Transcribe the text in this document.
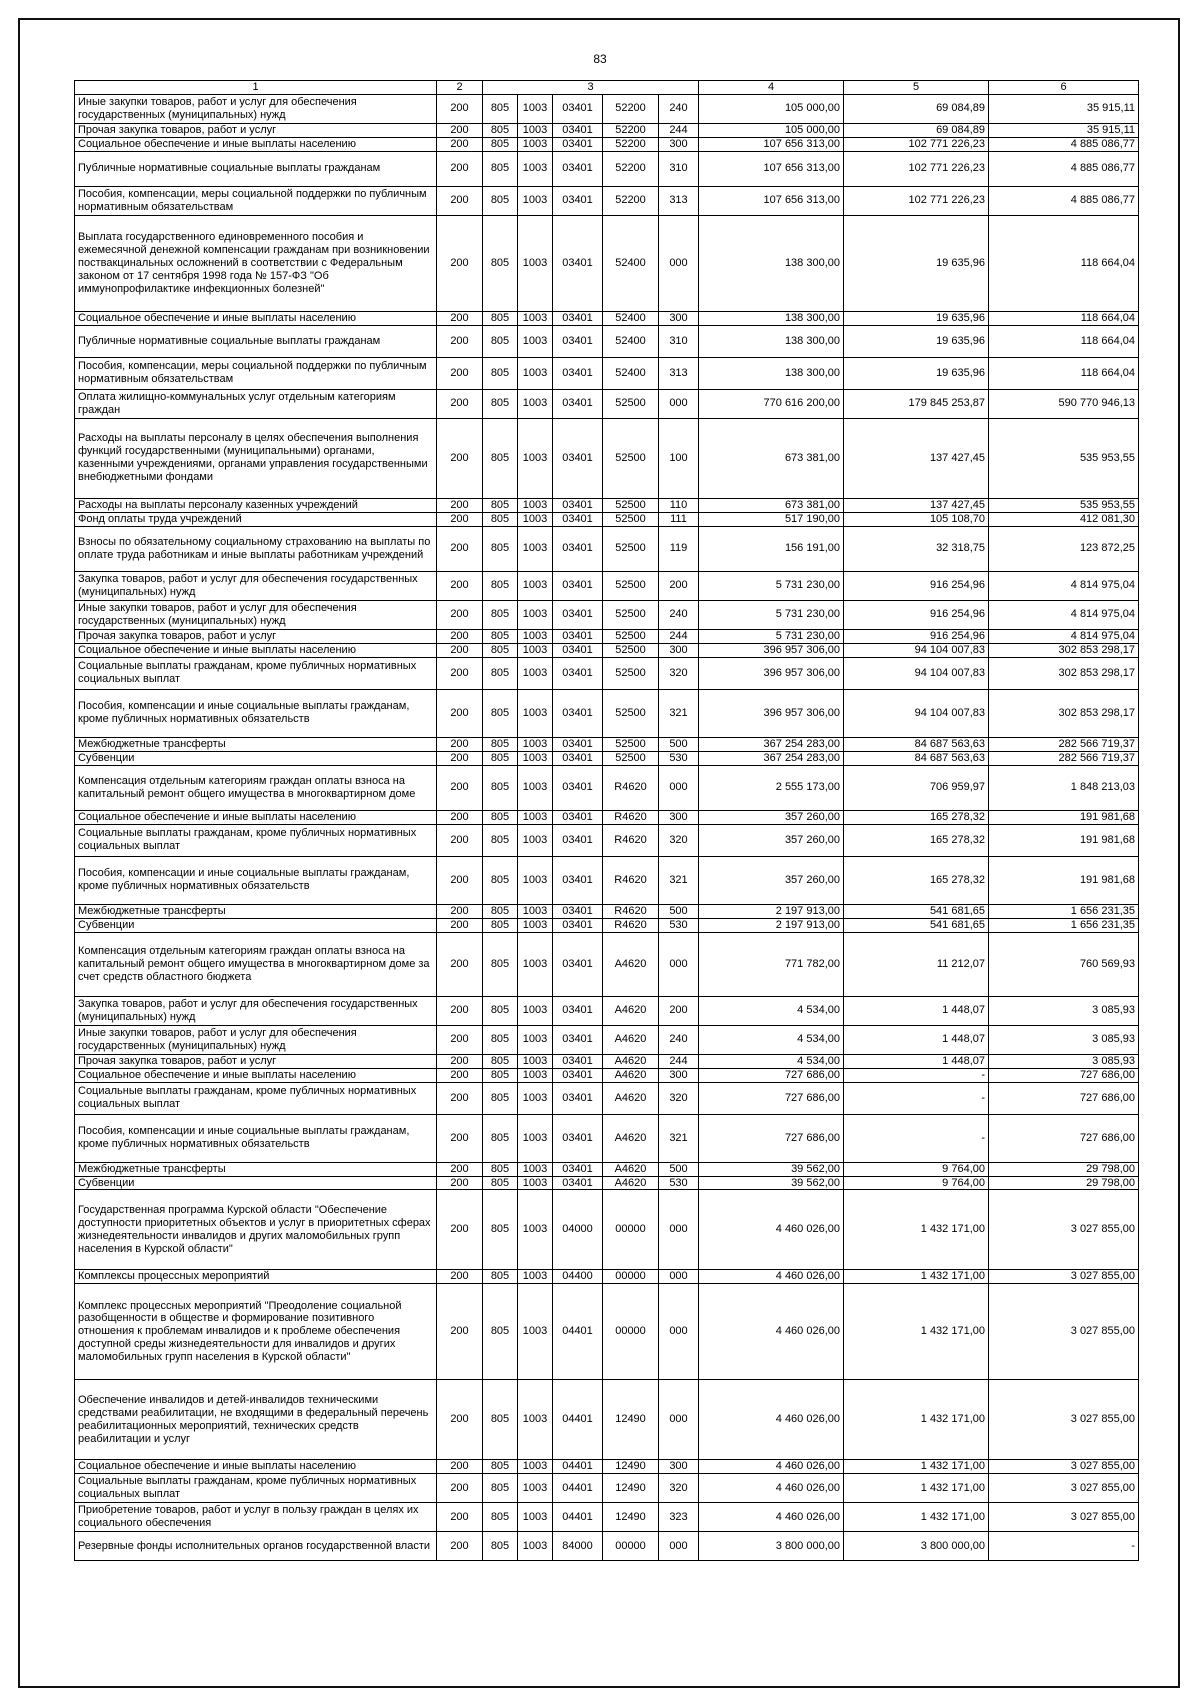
83
1	2	3					4	5	6
Иные закупки товаров, работ и услуг для обеспечения государственных (муниципальных) нужд	200	805	1003	03401	52200	240	105 000,00	69 084,89	35 915,11
Прочая закупка товаров, работ и услуг	200	805	1003	03401	52200	244	105 000,00	69 084,89	35 915,11
Социальное обеспечение и иные выплаты населению	200	805	1003	03401	52200	300	107 656 313,00	102 771 226,23	4 885 086,77
Публичные нормативные социальные выплаты гражданам	200	805	1003	03401	52200	310	107 656 313,00	102 771 226,23	4 885 086,77
Пособия, компенсации, меры социальной поддержки по публичным нормативным обязательствам	200	805	1003	03401	52200	313	107 656 313,00	102 771 226,23	4 885 086,77
Выплата государственного единовременного пособия и ежемесячной денежной компенсации гражданам при возникновении поствакцинальных осложнений в соответствии с Федеральным законом от 17 сентября 1998 года № 157-ФЗ "Об иммунопрофилактике инфекционных болезней"	200	805	1003	03401	52400	000	138 300,00	19 635,96	118 664,04
Социальное обеспечение и иные выплаты населению	200	805	1003	03401	52400	300	138 300,00	19 635,96	118 664,04
Публичные нормативные социальные выплаты гражданам	200	805	1003	03401	52400	310	138 300,00	19 635,96	118 664,04
Пособия, компенсации, меры социальной поддержки по публичным нормативным обязательствам	200	805	1003	03401	52400	313	138 300,00	19 635,96	118 664,04
Оплата жилищно-коммунальных услуг отдельным категориям граждан	200	805	1003	03401	52500	000	770 616 200,00	179 845 253,87	590 770 946,13
Расходы на выплаты персоналу в целях обеспечения выполнения функций государственными (муниципальными) органами, казенными учреждениями, органами управления государственными внебюджетными фондами	200	805	1003	03401	52500	100	673 381,00	137 427,45	535 953,55
Расходы на выплаты персоналу казенных учреждений	200	805	1003	03401	52500	110	673 381,00	137 427,45	535 953,55
Фонд оплаты труда учреждений	200	805	1003	03401	52500	111	517 190,00	105 108,70	412 081,30
Взносы по обязательному социальному страхованию на выплаты по оплате труда работникам и иные выплаты работникам учреждений	200	805	1003	03401	52500	119	156 191,00	32 318,75	123 872,25
Закупка товаров, работ и услуг для обеспечения государственных (муниципальных) нужд	200	805	1003	03401	52500	200	5 731 230,00	916 254,96	4 814 975,04
Иные закупки товаров, работ и услуг для обеспечения государственных (муниципальных) нужд	200	805	1003	03401	52500	240	5 731 230,00	916 254,96	4 814 975,04
Прочая закупка товаров, работ и услуг	200	805	1003	03401	52500	244	5 731 230,00	916 254,96	4 814 975,04
Социальное обеспечение и иные выплаты населению	200	805	1003	03401	52500	300	396 957 306,00	94 104 007,83	302 853 298,17
Социальные выплаты гражданам, кроме публичных нормативных социальных выплат	200	805	1003	03401	52500	320	396 957 306,00	94 104 007,83	302 853 298,17
Пособия, компенсации и иные социальные выплаты гражданам, кроме публичных нормативных обязательств	200	805	1003	03401	52500	321	396 957 306,00	94 104 007,83	302 853 298,17
Межбюджетные трансферты	200	805	1003	03401	52500	500	367 254 283,00	84 687 563,63	282 566 719,37
Субвенции	200	805	1003	03401	52500	530	367 254 283,00	84 687 563,63	282 566 719,37
Компенсация отдельным категориям граждан оплаты взноса на капитальный ремонт общего имущества в многоквартирном доме	200	805	1003	03401	R4620	000	2 555 173,00	706 959,97	1 848 213,03
Социальное обеспечение и иные выплаты населению	200	805	1003	03401	R4620	300	357 260,00	165 278,32	191 981,68
Социальные выплаты гражданам, кроме публичных нормативных социальных выплат	200	805	1003	03401	R4620	320	357 260,00	165 278,32	191 981,68
Пособия, компенсации и иные социальные выплаты гражданам, кроме публичных нормативных обязательств	200	805	1003	03401	R4620	321	357 260,00	165 278,32	191 981,68
Межбюджетные трансферты	200	805	1003	03401	R4620	500	2 197 913,00	541 681,65	1 656 231,35
Субвенции	200	805	1003	03401	R4620	530	2 197 913,00	541 681,65	1 656 231,35
Компенсация отдельным категориям граждан оплаты взноса на капитальный ремонт общего имущества в многоквартирном доме за счет средств областного бюджета	200	805	1003	03401	A4620	000	771 782,00	11 212,07	760 569,93
Закупка товаров, работ и услуг для обеспечения государственных (муниципальных) нужд	200	805	1003	03401	A4620	200	4 534,00	1 448,07	3 085,93
Иные закупки товаров, работ и услуг для обеспечения государственных (муниципальных) нужд	200	805	1003	03401	A4620	240	4 534,00	1 448,07	3 085,93
Прочая закупка товаров, работ и услуг	200	805	1003	03401	A4620	244	4 534,00	1 448,07	3 085,93
Социальное обеспечение и иные выплаты населению	200	805	1003	03401	A4620	300	727 686,00	-	727 686,00
Социальные выплаты гражданам, кроме публичных нормативных социальных выплат	200	805	1003	03401	A4620	320	727 686,00	-	727 686,00
Пособия, компенсации и иные социальные выплаты гражданам, кроме публичных нормативных обязательств	200	805	1003	03401	A4620	321	727 686,00	-	727 686,00
Межбюджетные трансферты	200	805	1003	03401	A4620	500	39 562,00	9 764,00	29 798,00
Субвенции	200	805	1003	03401	A4620	530	39 562,00	9 764,00	29 798,00
Государственная программа Курской области "Обеспечение доступности приоритетных объектов и услуг в приоритетных сферах жизнедеятельности инвалидов и других маломобильных групп населения в Курской области"	200	805	1003	04000	00000	000	4 460 026,00	1 432 171,00	3 027 855,00
Комплексы процессных мероприятий	200	805	1003	04400	00000	000	4 460 026,00	1 432 171,00	3 027 855,00
Комплекс процессных мероприятий "Преодоление социальной разобщенности в обществе и формирование позитивного отношения к проблемам инвалидов и к проблеме обеспечения доступной среды жизнедеятельности для инвалидов и других маломобильных групп населения в Курской области"	200	805	1003	04401	00000	000	4 460 026,00	1 432 171,00	3 027 855,00
Обеспечение инвалидов и детей-инвалидов техническими средствами реабилитации, не входящими в федеральный перечень реабилитационных мероприятий, технических средств реабилитации и услуг	200	805	1003	04401	12490	000	4 460 026,00	1 432 171,00	3 027 855,00
Социальное обеспечение и иные выплаты населению	200	805	1003	04401	12490	300	4 460 026,00	1 432 171,00	3 027 855,00
Социальные выплаты гражданам, кроме публичных нормативных социальных выплат	200	805	1003	04401	12490	320	4 460 026,00	1 432 171,00	3 027 855,00
Приобретение товаров, работ и услуг в пользу граждан в целях их социального обеспечения	200	805	1003	04401	12490	323	4 460 026,00	1 432 171,00	3 027 855,00
Резервные фонды исполнительных органов государственной власти	200	805	1003	84000	00000	000	3 800 000,00	3 800 000,00	-
